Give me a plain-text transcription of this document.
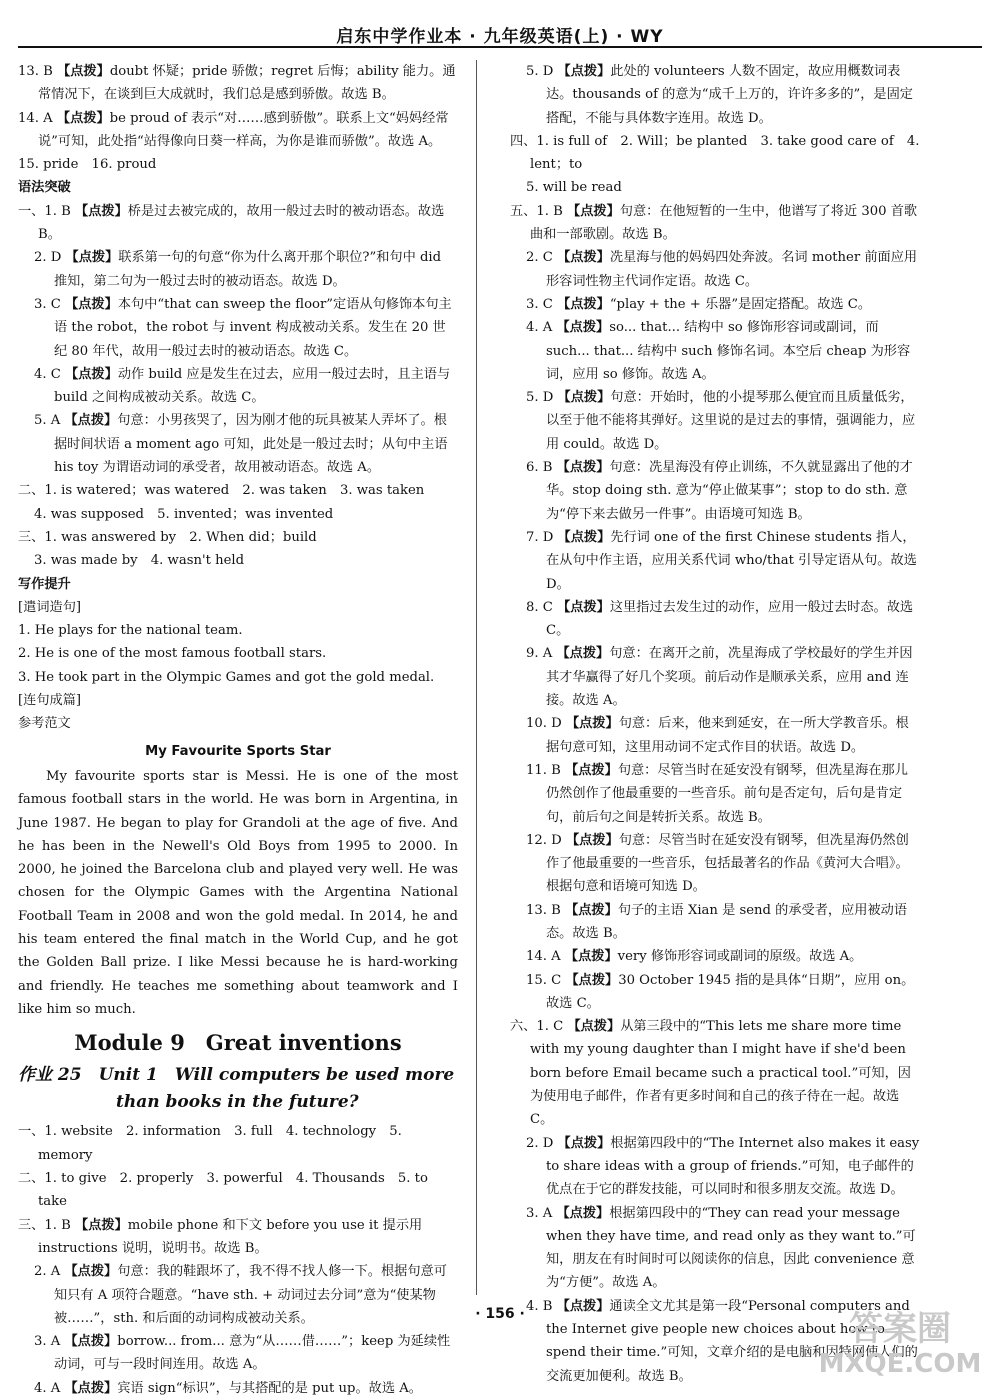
启东中学作业本 · 九年级英语(上) · WY

13. B 【点拨】doubt 怀疑；pride 骄傲；regret 后悔；ability 能力。通常情况下，在谈到巨大成就时，我们总是感到骄傲。故选 B。

14. A 【点拨】be proud of 表示“对……感到骄傲”。联系上文“妈妈经常说”可知，此处指“站得像向日葵一样高，为你是谁而骄傲”。故选 A。

15. pride　16. proud

语法突破

一、1. B 【点拨】桥是过去被完成的，故用一般过去时的被动语态。故选 B。

2. D 【点拨】联系第一句的句意“你为什么离开那个职位?”和句中 did 推知，第二句为一般过去时的被动语态。故选 D。

3. C 【点拨】本句中“that can sweep the floor”定语从句修饰本句主语 the robot，the robot 与 invent 构成被动关系。发生在 20 世纪 80 年代，故用一般过去时的被动语态。故选 C。

4. C 【点拨】动作 build 应是发生在过去，应用一般过去时，且主语与 build 之间构成被动关系。故选 C。

5. A 【点拨】句意：小男孩哭了，因为刚才他的玩具被某人弄坏了。根据时间状语 a moment ago 可知，此处是一般过去时；从句中主语 his toy 为谓语动词的承受者，故用被动语态。故选 A。

二、1. is watered；was watered　2. was taken　3. was taken

4. was supposed　5. invented；was invented

三、1. was answered by　2. When did；build

3. was made by　4. wasn't held

写作提升

[遣词造句]

1. He plays for the national team.

2. He is one of the most famous football stars.

3. He took part in the Olympic Games and got the gold medal.

[连句成篇]

参考范文

My Favourite Sports Star

My favourite sports star is Messi. He is one of the most famous football stars in the world. He was born in Argentina, in June 1987. He began to play for Grandoli at the age of five. And he has been in the Newell's Old Boys from 1995 to 2000. In 2000, he joined the Barcelona club and played very well. He was chosen for the Olympic Games with the Argentina National Football Team in 2008 and won the gold medal. In 2014, he and his team entered the final match in the World Cup, and he got the Golden Ball prize. I like Messi because he is hard-working and friendly. He teaches me something about teamwork and I like him so much.

Module 9　Great inventions

作业 25　Unit 1　Will computers be used more

than books in the future?

一、1. website　2. information　3. full　4. technology　5. memory

二、1. to give　2. properly　3. powerful　4. Thousands　5. to take

三、1. B 【点拨】mobile phone 和下文 before you use it 提示用 instructions 说明，说明书。故选 B。

2. A 【点拨】句意：我的鞋跟坏了，我不得不找人修一下。根据句意可知只有 A 项符合题意。“have sth. + 动词过去分词”意为“使某物被……”，sth. 和后面的动词构成被动关系。

3. A 【点拨】borrow... from... 意为“从……借……”；keep 为延续性动词，可与一段时间连用。故选 A。

4. A 【点拨】宾语 sign“标识”，与其搭配的是 put up。故选 A。

5. D 【点拨】此处的 volunteers 人数不固定，故应用概数词表达。thousands of 的意为“成千上万的，许许多多的”，是固定搭配，不能与具体数字连用。故选 D。

四、1. is full of　2. Will；be planted　3. take good care of　4. lent；to

5. will be read

五、1. B 【点拨】句意：在他短暂的一生中，他谱写了将近 300 首歌曲和一部歌剧。故选 B。

2. C 【点拨】冼星海与他的妈妈四处奔波。名词 mother 前面应用形容词性物主代词作定语。故选 C。

3. C 【点拨】“play + the + 乐器”是固定搭配。故选 C。

4. A 【点拨】so... that... 结构中 so 修饰形容词或副词，而 such... that... 结构中 such 修饰名词。本空后 cheap 为形容词，应用 so 修饰。故选 A。

5. D 【点拨】句意：开始时，他的小提琴那么便宜而且质量低劣，以至于他不能将其弹好。这里说的是过去的事情，强调能力，应用 could。故选 D。

6. B 【点拨】句意：冼星海没有停止训练，不久就显露出了他的才华。stop doing sth. 意为“停止做某事”；stop to do sth. 意为“停下来去做另一件事”。由语境可知选 B。

7. D 【点拨】先行词 one of the first Chinese students 指人，在从句中作主语，应用关系代词 who/that 引导定语从句。故选 D。

8. C 【点拨】这里指过去发生过的动作，应用一般过去时态。故选 C。

9. A 【点拨】句意：在离开之前，冼星海成了学校最好的学生并因其才华赢得了好几个奖项。前后动作是顺承关系，应用 and 连接。故选 A。

10. D 【点拨】句意：后来，他来到延安，在一所大学教音乐。根据句意可知，这里用动词不定式作目的状语。故选 D。

11. B 【点拨】句意：尽管当时在延安没有钢琴，但冼星海在那儿仍然创作了他最重要的一些音乐。前句是否定句，后句是肯定句，前后句之间是转折关系。故选 B。

12. D 【点拨】句意：尽管当时在延安没有钢琴，但冼星海仍然创作了他最重要的一些音乐，包括最著名的作品《黄河大合唱》。根据句意和语境可知选 D。

13. B 【点拨】句子的主语 Xian 是 send 的承受者，应用被动语态。故选 B。

14. A 【点拨】very 修饰形容词或副词的原级。故选 A。

15. C 【点拨】30 October 1945 指的是具体“日期”，应用 on。故选 C。

六、1. C 【点拨】从第三段中的“This lets me share more time with my young daughter than I might have if she'd been born before Email became such a practical tool.”可知，因为使用电子邮件，作者有更多时间和自己的孩子待在一起。故选 C。

2. D 【点拨】根据第四段中的“The Internet also makes it easy to share ideas with a group of friends.”可知，电子邮件的优点在于它的群发技能，可以同时和很多朋友交流。故选 D。

3. A 【点拨】根据第四段中的“They can read your message when they have time, and read only as they want to.”可知，朋友在有时间时可以阅读你的信息，因此 convenience 意为“方便”。故选 A。

4. B 【点拨】通读全文尤其是第一段“Personal computers and the Internet give people new choices about how to spend their time.”可知，文章介绍的是电脑和因特网使人们的交流更加便利。故选 B。

· 156 ·	答案圈
MXQE.COM
